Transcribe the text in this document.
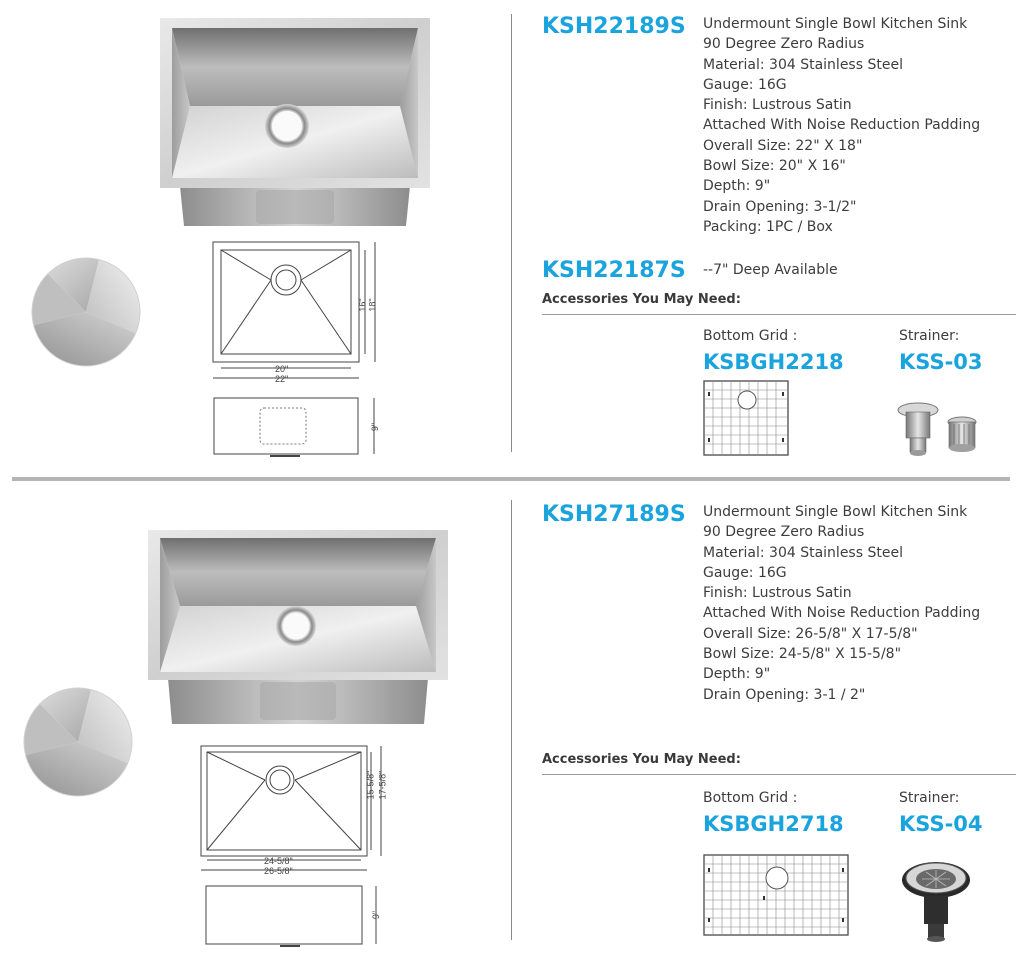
20"
22"
16" 18"
9"
KSH22189S Undermount Single Bowl Kitchen Sink
90 Degree Zero Radius
Material: 304 Stainless Steel
Gauge: 16G
Finish: Lustrous Satin
Attached With Noise Reduction Padding
Overall Size: 22" X 18"
Bowl Size: 20" X 16"
Depth: 9"
Drain Opening: 3-1/2"
Packing: 1PC / Box
KSH22187S --7" Deep Available
Accessories You May Need:
Bottom Grid :
KSBGH2218
Strainer:
KSS-03
24-5/8"
26-5/8"
15-5/8" 17-5/8"
9"
KSH27189S Undermount Single Bowl Kitchen Sink
90 Degree Zero Radius
Material: 304 Stainless Steel
Gauge: 16G
Finish: Lustrous Satin
Attached With Noise Reduction Padding
Overall Size: 26-5/8" X 17-5/8"
Bowl Size: 24-5/8" X 15-5/8"
Depth: 9"
Drain Opening: 3-1 / 2"
Accessories You May Need:
Bottom Grid :
KSBGH2718
Strainer:
KSS-04
